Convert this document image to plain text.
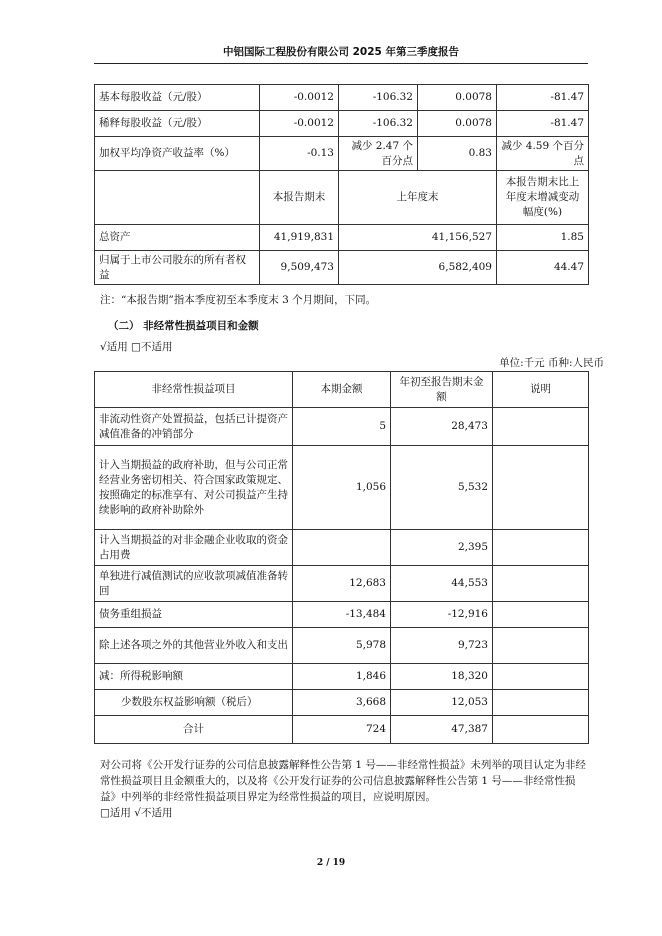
中铝国际工程股份有限公司 2025 年第三季度报告
基本每股收益（元/股）	-0.0012	-106.32	0.0078	-81.47
稀释每股收益（元/股）	-0.0012	-106.32	0.0078	-81.47
加权平均净资产收益率（%）	-0.13	减少 2.47 个百分点	0.83	减少 4.59 个百分点
	本报告期末	上年度末		本报告期末比上年度末增减变动幅度(%)
总资产	41,919,831	41,156,527		1.85
归属于上市公司股东的所有者权益	9,509,473	6,582,409		44.47
注：“本报告期”指本季度初至本季度末 3 个月期间，下同。
（二） 非经常性损益项目和金额
√适用 □不适用
单位:千元 币种:人民币
非经常性损益项目	本期金额	年初至报告期末金额	说明
非流动性资产处置损益，包括已计提资产减值准备的冲销部分	5	28,473	
计入当期损益的政府补助，但与公司正常经营业务密切相关、符合国家政策规定、按照确定的标准享有、对公司损益产生持续影响的政府补助除外	1,056	5,532	
计入当期损益的对非金融企业收取的资金占用费		2,395	
单独进行减值测试的应收款项减值准备转回	12,683	44,553	
债务重组损益	-13,484	-12,916	
除上述各项之外的其他营业外收入和支出	5,978	9,723	
减：所得税影响额	1,846	18,320	
少数股东权益影响额（税后）	3,668	12,053	
合计	724	47,387	
对公司将《公开发行证券的公司信息披露解释性公告第 1 号——非经常性损益》未列举的项目认定为非经常性损益项目且金额重大的，以及将《公开发行证券的公司信息披露解释性公告第 1 号——非经常性损益》中列举的非经常性损益项目界定为经常性损益的项目，应说明原因。
□适用 √不适用
2 / 19
